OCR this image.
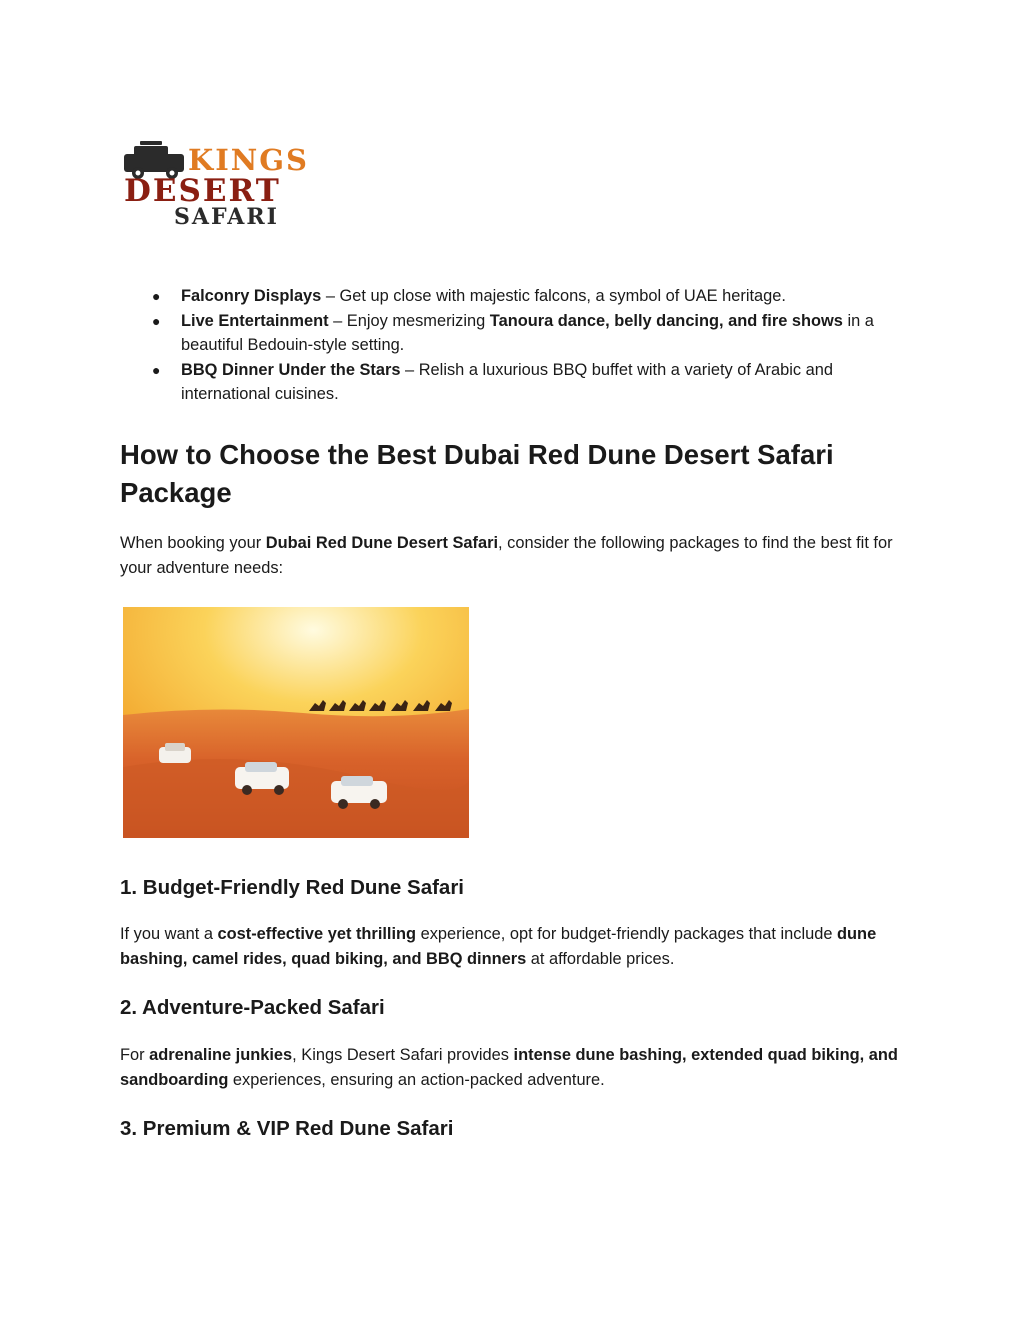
KINGS
DESERT
SAFARI
● Falconry Displays – Get up close with majestic falcons, a symbol of UAE heritage.
● Live Entertainment – Enjoy mesmerizing Tanoura dance, belly dancing, and fire shows in a beautiful Bedouin-style setting.
● BBQ Dinner Under the Stars – Relish a luxurious BBQ buffet with a variety of Arabic and international cuisines.
How to Choose the Best Dubai Red Dune Desert Safari Package

When booking your Dubai Red Dune Desert Safari, consider the following packages to find the best fit for your adventure needs:

1. Budget-Friendly Red Dune Safari

If you want a cost-effective yet thrilling experience, opt for budget-friendly packages that include dune bashing, camel rides, quad biking, and BBQ dinners at affordable prices.

2. Adventure-Packed Safari

For adrenaline junkies, Kings Desert Safari provides intense dune bashing, extended quad biking, and sandboarding experiences, ensuring an action-packed adventure.

3. Premium & VIP Red Dune Safari
